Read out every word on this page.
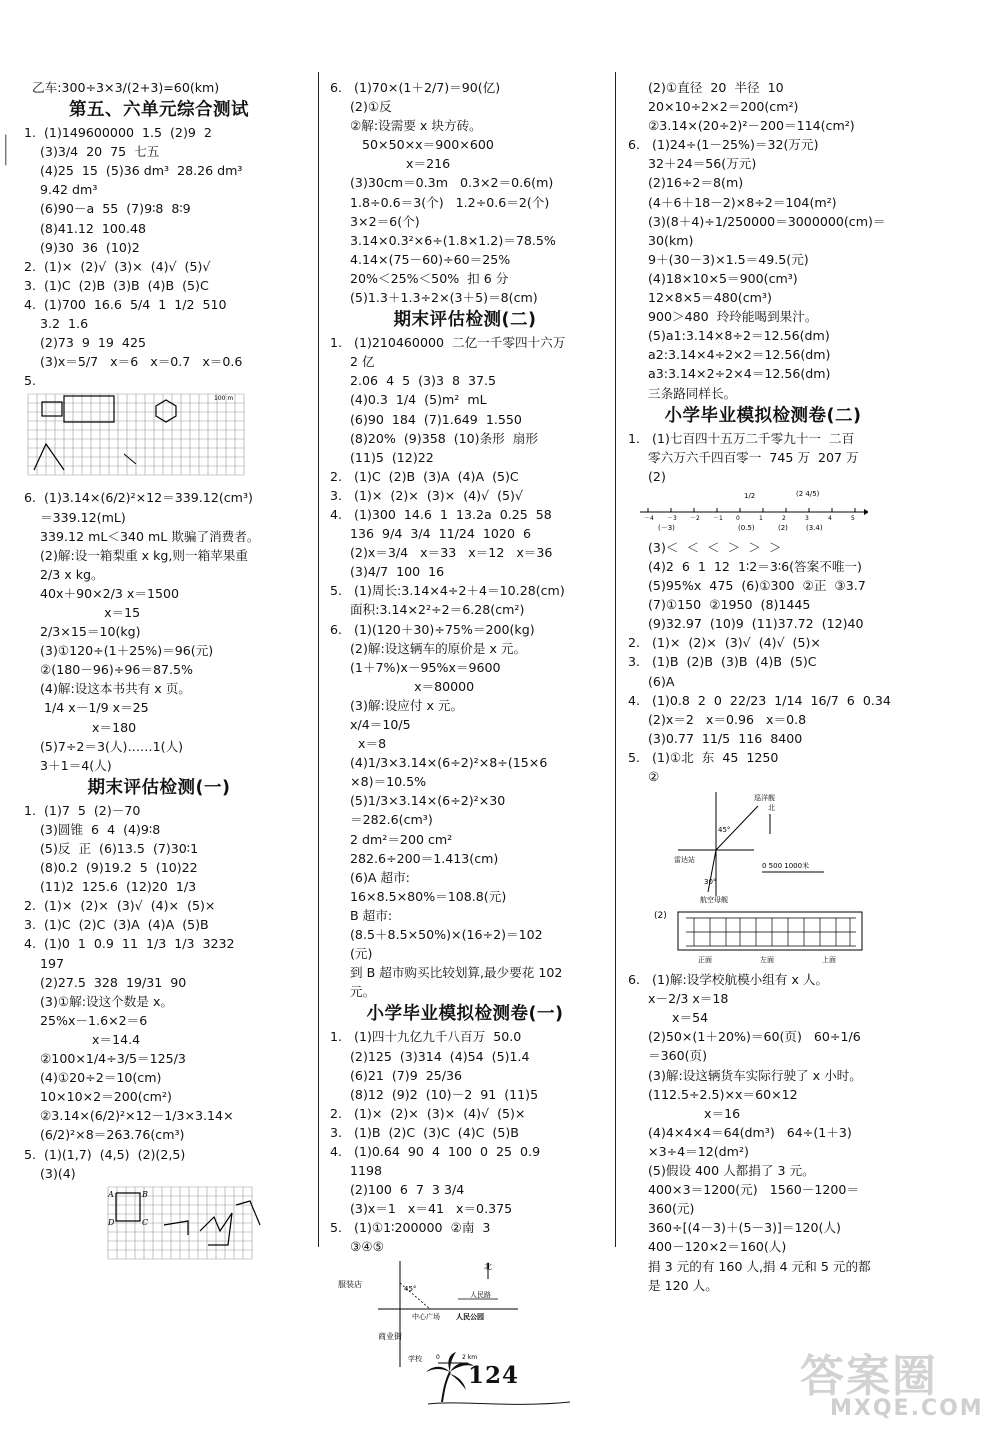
┃
┃
┃
乙车:300÷3×3/(2+3)=60(km)
第五、六单元综合测试
1.  (1)149600000  1.5  (2)9  2
(3)3/4  20  75  七五
(4)25  15  (5)36 dm³  28.26 dm³
9.42 dm³
(6)90－a  55  (7)9∶8  8∶9
(8)41.12  100.48
(9)30  36  (10)2
2.  (1)×  (2)√  (3)×  (4)√  (5)√
3.  (1)C  (2)B  (3)B  (4)B  (5)C
4.  (1)700  16.6  5/4  1  1/2  510
3.2  1.6
(2)73  9  19  425
(3)x＝5/7   x＝6   x＝0.7   x＝0.6
5.
100 m
6.  (1)3.14×(6/2)²×12＝339.12(cm³)
＝339.12(mL)
339.12 mL＜340 mL 欺骗了消费者。
(2)解:设一箱梨重 x kg,则一箱苹果重
2/3 x kg。
40x＋90×2/3 x＝1500
x＝15
2/3×15＝10(kg)
(3)①120÷(1＋25%)＝96(元)
②(180－96)÷96＝87.5%
(4)解:设这本书共有 x 页。
1/4 x－1/9 x＝25
x＝180
(5)7÷2＝3(人)……1(人)
3＋1＝4(人)
期末评估检测(一)
1.  (1)7  5  (2)－70
(3)圆锥  6  4  (4)9∶8
(5)反  正  (6)13.5  (7)30∶1
(8)0.2  (9)19.2  5  (10)22
(11)2  125.6  (12)20  1/3
2.  (1)×  (2)×  (3)√  (4)×  (5)×
3.  (1)C  (2)C  (3)A  (4)A  (5)B
4.  (1)0  1  0.9  11  1/3  1/3  3232
197
(2)27.5  328  19/31  90
(3)①解:设这个数是 x。
25%x－1.6×2＝6
x＝14.4
②100×1/4÷3/5＝125/3
(4)①20÷2＝10(cm)
10×10×2＝200(cm²)
②3.14×(6/2)²×12－1/3×3.14×
(6/2)²×8＝263.76(cm³)
5.  (1)(1,7)  (4,5)  (2)(2,5)
(3)(4)
A	B
C
D
6.   (1)70×(1＋2/7)＝90(亿)
(2)①反
②解:设需要 x 块方砖。
50×50×x＝900×600
x＝216
(3)30cm＝0.3m   0.3×2＝0.6(m)
1.8÷0.6＝3(个)   1.2÷0.6＝2(个)
3×2＝6(个)
3.14×0.3²×6÷(1.8×1.2)＝78.5%
4.14×(75－60)÷60＝25%
20%＜25%＜50%  扣 6 分
(5)1.3＋1.3÷2×(3＋5)＝8(cm)
期末评估检测(二)
1.   (1)210460000  二亿一千零四十六万
2 亿
2.06  4  5  (3)3  8  37.5
(4)0.3  1/4  (5)m²  mL
(6)90  184  (7)1.649  1.550
(8)20%  (9)358  (10)条形  扇形
(11)5  (12)22
2.   (1)C  (2)B  (3)A  (4)A  (5)C
3.   (1)×  (2)×  (3)×  (4)√  (5)√
4.   (1)300  14.6  1  13.2a  0.25  58
136  9/4  3/4  11/24  1020  6
(2)x＝3/4   x＝33   x＝12   x＝36
(3)4/7  100  16
5.   (1)周长:3.14×4÷2＋4＝10.28(cm)
面积:3.14×2²÷2＝6.28(cm²)
6.   (1)(120＋30)÷75%＝200(kg)
(2)解:设这辆车的原价是 x 元。
(1＋7%)x－95%x＝9600
x＝80000
(3)解:设应付 x 元。
x/4＝10/5
x＝8
(4)1/3×3.14×(6÷2)²×8÷(15×6
×8)＝10.5%
(5)1/3×3.14×(6÷2)²×30
＝282.6(cm³)
2 dm²＝200 cm²
282.6÷200＝1.413(cm)
(6)A 超市:
16×8.5×80%＝108.8(元)
B 超市:
(8.5＋8.5×50%)×(16÷2)＝102
(元)
到 B 超市购买比较划算,最少要花 102
元。
小学毕业模拟检测卷(一)
1.   (1)四十九亿九千八百万  50.0
(2)125  (3)314  (4)54  (5)1.4
(6)21  (7)9  25/36
(8)12  (9)2  (10)－2  91  (11)5
2.   (1)×  (2)×  (3)×  (4)√  (5)×
3.   (1)B  (2)C  (3)C  (4)C  (5)B
4.   (1)0.64  90  4  100  0  25  0.9
1198
(2)100  6  7  3 3/4
(3)x＝1   x＝41   x＝0.375
5.   (1)①1∶200000  ②南  3
③④⑤
服装店
北
45°
人民路
中心广场 人民公园
商业街
学校 0	2 km
(2)①直径  20  半径  10
20×10÷2×2＝200(cm²)
②3.14×(20÷2)²－200＝114(cm²)
6.   (1)24÷(1－25%)＝32(万元)
32＋24＝56(万元)
(2)16÷2＝8(m)
(4＋6＋18－2)×8÷2＝104(m²)
(3)(8＋4)÷1/250000＝3000000(cm)＝
30(km)
9＋(30－3)×1.5＝49.5(元)
(4)18×10×5＝900(cm³)
12×8×5＝480(cm³)
900＞480  玲玲能喝到果汁。
(5)a1:3.14×8÷2＝12.56(dm)
a2:3.14×4÷2×2＝12.56(dm)
a3:3.14×2÷2×4＝12.56(dm)
三条路同样长。
小学毕业模拟检测卷(二)
1.   (1)七百四十五万二千零九十一  二百
零六万六千四百零一  745 万  207 万
(2)
－4 －3 －2 －1 0	1	2	3	4	5
1/2	(2 4/5)
(－3)	(0.5)	(2)	(3.4)
(3)＜  ＜  ＜  ＞  ＞  ＞
(4)2  6  1  12  1∶2＝3∶6(答案不唯一)
(5)95%x  475  (6)①300  ②正  ③3.7
(7)①150  ②1950  (8)1445
(9)32.97  (10)9  (11)37.72  (12)40
2.   (1)×  (2)×  (3)√  (4)√  (5)×
3.   (1)B  (2)B  (3)B  (4)B  (5)C
(6)A
4.   (1)0.8  2  0  22/23  1/14  16/7  6  0.34
(2)x＝2   x＝0.96   x＝0.8
(3)0.77  11/5  116  8400
5.   (1)①北  东  45  1250
②
巡洋舰
北
45°
雷达站
30°
航空母舰
0 500 1000米
(2)
正面	左面	上面
6.   (1)解:设学校航模小组有 x 人。
x－2/3 x＝18
x＝54
(2)50×(1＋20%)＝60(页)   60÷1/6
＝360(页)
(3)解:设这辆货车实际行驶了 x 小时。
(112.5÷2.5)×x＝60×12
x＝16
(4)4×4×4＝64(dm³)   64÷(1＋3)
×3÷4＝12(dm²)
(5)假设 400 人都捐了 3 元。
400×3＝1200(元)   1560－1200＝
360(元)
360÷[(4－3)＋(5－3)]＝120(人)
400－120×2＝160(人)
捐 3 元的有 160 人,捐 4 元和 5 元的都
是 120 人。
124	答案圈
MXQE.COM
